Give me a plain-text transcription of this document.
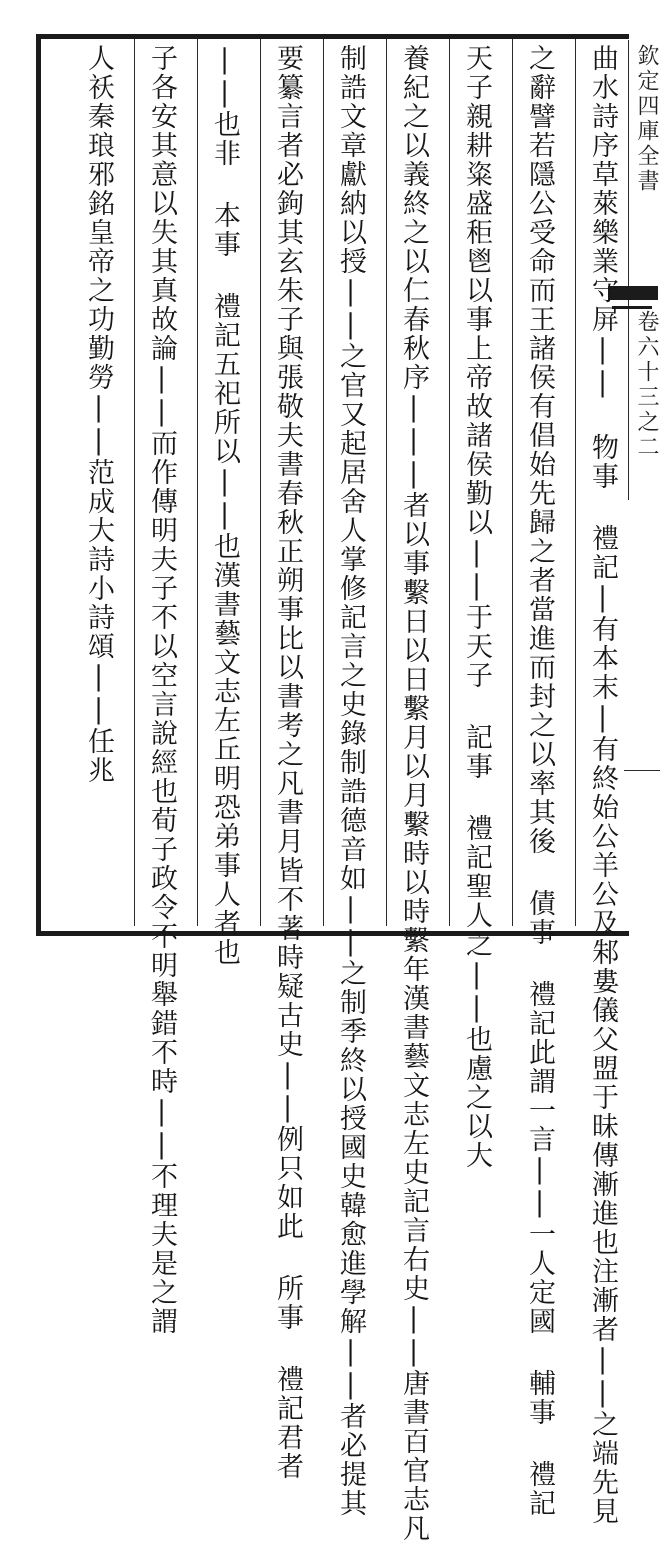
欽定四庫全書
卷六十三之二
曲水詩序草萊樂業守屏|| 物事 禮記|有本末|有終始公羊公及邾婁儀父盟于昧傳漸進也注漸者||之端先見
之辭譬若隱公受命而王諸侯有倡始先歸之者當進而封之以率其後 債事 禮記此謂一言||一人定國 輔事 禮記
天子親耕粢盛秬鬯以事上帝故諸侯勤以||于天子 記事 禮記聖人之||也慮之以大
養紀之以義終之以仁春秋序|||者以事繫日以日繫月以月繫時以時繫年漢書藝文志左史記言右史||唐書百官志凡
制誥文章獻納以授||之官又起居舍人掌修記言之史錄制誥德音如||之制季終以授國史韓愈進學解||者必提其
要纂言者必鉤其玄朱子與張敬夫書春秋正朔事比以書考之凡書月皆不著時疑古史||例只如此 所事 禮記君者
||也非 本事 禮記五祀所以||也漢書藝文志左丘明恐弟事人者也
子各安其意以失其真故論||而作傳明夫子不以空言說經也荀子政令不明舉錯不時||不理夫是之謂
人祅秦琅邪銘皇帝之功勤勞||范成大詩小詩頌||任兆
